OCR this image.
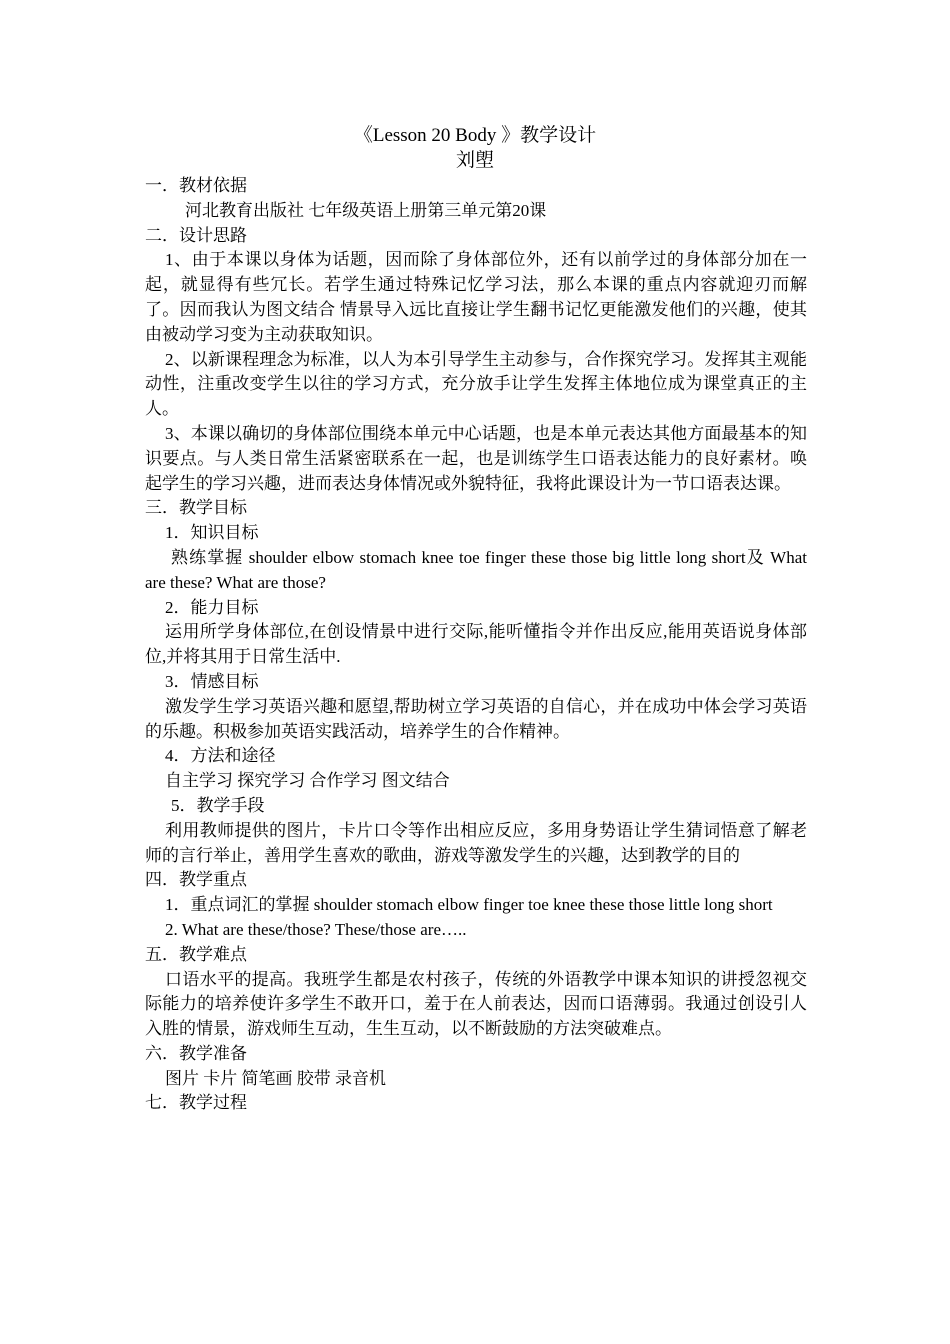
《Lesson 20 Body 》教学设计
刘塱

一．教材依据

河北教育出版社 七年级英语上册第三单元第20课

二．设计思路

1、由于本课以身体为话题，因而除了身体部位外，还有以前学过的身体部分加在一起，就显得有些冗长。若学生通过特殊记忆学习法，那么本课的重点内容就迎刃而解了。因而我认为图文结合 情景导入远比直接让学生翻书记忆更能激发他们的兴趣，使其由被动学习变为主动获取知识。

2、以新课程理念为标准，以人为本引导学生主动参与，合作探究学习。发挥其主观能动性，注重改变学生以往的学习方式，充分放手让学生发挥主体地位成为课堂真正的主人。

3、本课以确切的身体部位围绕本单元中心话题，也是本单元表达其他方面最基本的知识要点。与人类日常生活紧密联系在一起，也是训练学生口语表达能力的良好素材。唤起学生的学习兴趣，进而表达身体情况或外貌特征，我将此课设计为一节口语表达课。

三．教学目标

1．知识目标

熟练掌握 shoulder elbow stomach knee toe finger these those big little long short及 What are these? What are those?

2．能力目标

运用所学身体部位,在创设情景中进行交际,能听懂指令并作出反应,能用英语说身体部位,并将其用于日常生活中.

3．情感目标

激发学生学习英语兴趣和愿望,帮助树立学习英语的自信心，并在成功中体会学习英语的乐趣。积极参加英语实践活动，培养学生的合作精神。

4．方法和途径

自主学习 探究学习 合作学习 图文结合

5．教学手段

利用教师提供的图片，卡片口令等作出相应反应，多用身势语让学生猜词悟意了解老师的言行举止，善用学生喜欢的歌曲，游戏等激发学生的兴趣，达到教学的目的

四．教学重点

1．重点词汇的掌握 shoulder stomach elbow finger toe knee these those little long short

2. What are these/those? These/those are…..

五．教学难点

口语水平的提高。我班学生都是农村孩子，传统的外语教学中课本知识的讲授忽视交际能力的培养使许多学生不敢开口，羞于在人前表达，因而口语薄弱。我通过创设引人入胜的情景，游戏师生互动，生生互动，以不断鼓励的方法突破难点。

六．教学准备

图片 卡片 简笔画 胶带 录音机

七．教学过程
